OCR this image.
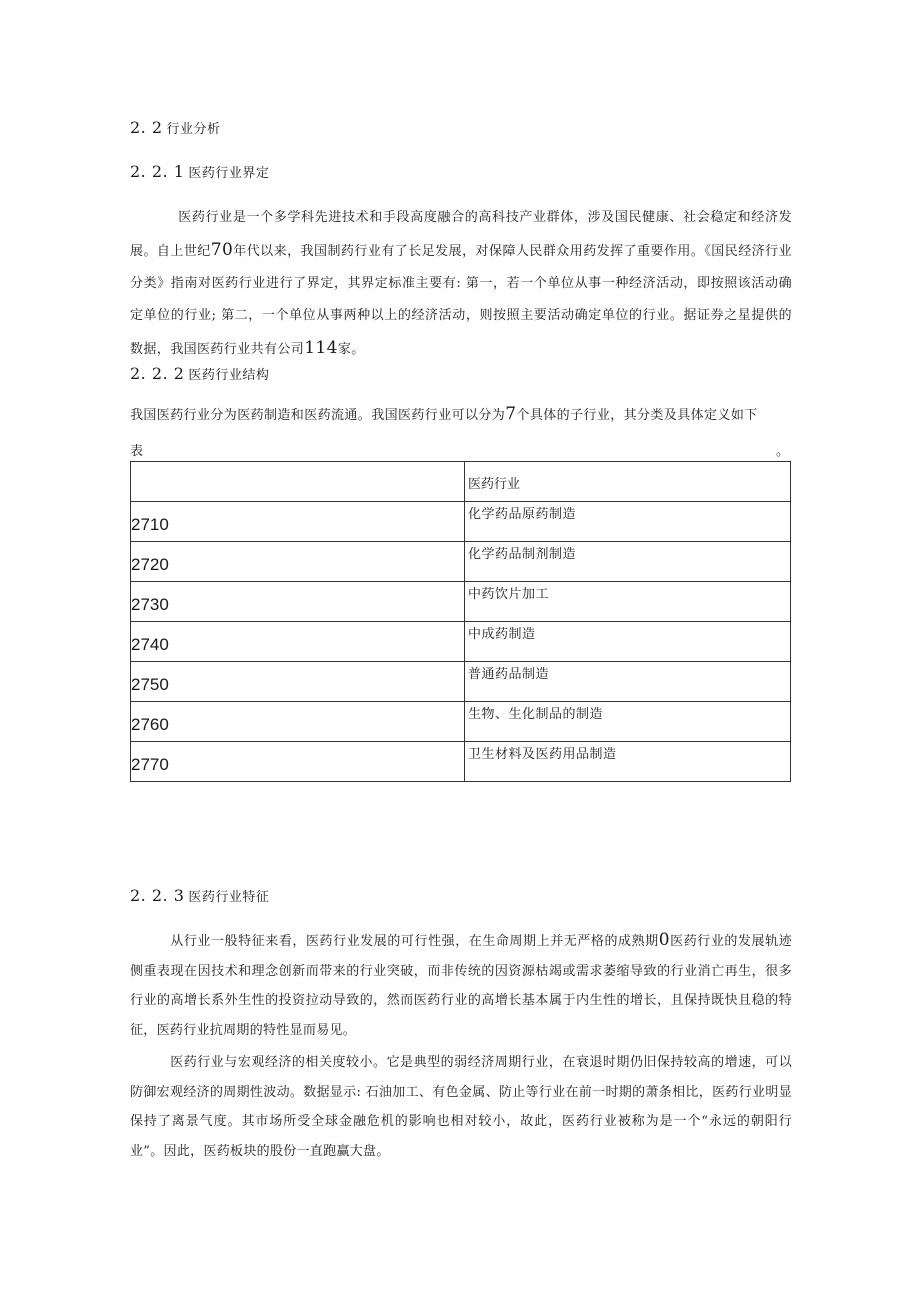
2. 2 行业分析
2. 2. 1 医药行业界定
医药行业是一个多学科先进技术和手段高度融合的高科技产业群体，涉及国民健康、社会稳定和经济发展。自上世纪70年代以来，我国制药行业有了长足发展，对保障人民群众用药发挥了重要作用。《国民经济行业分类》指南对医药行业进行了界定，其界定标准主要有: 第一，若一个单位从事一种经济活动，即按照该活动确定单位的行业; 第二，一个单位从事两种以上的经济活动，则按照主要活动确定单位的行业。据证券之星提供的数据，我国医药行业共有公司114家。
2. 2. 2 医药行业结构
我国医药行业分为医药制造和医药流通。我国医药行业可以分为7个具体的子行业，其分类及具体定义如下
表	。
	医药行业
2710	化学药品原药制造
2720	化学药品制剂制造
2730	中药饮片加工
2740	中成药制造
2750	普通药品制造
2760	生物、生化制品的制造
2770	卫生材料及医药用品制造
2. 2. 3 医药行业特征
从行业一般特征来看，医药行业发展的可行性强，在生命周期上并无严格的成熟期0医药行业的发展轨迹侧重表现在因技术和理念创新而带来的行业突破，而非传统的因资源枯竭或需求萎缩导致的行业消亡再生，很多行业的高增长系外生性的投资拉动导致的，然而医药行业的高增长基本属于内生性的增长，且保持既快且稳的特征，医药行业抗周期的特性显而易见。
医药行业与宏观经济的相关度较小。它是典型的弱经济周期行业，在衰退时期仍旧保持较高的增速，可以防御宏观经济的周期性波动。数据显示: 石油加工、有色金属、防止等行业在前一时期的萧条相比，医药行业明显保持了离景气度。其市场所受全球金融危机的影响也相对较小，故此，医药行业被称为是一个“永远的朝阳行业”。因此，医药板块的股份一直跑赢大盘。
